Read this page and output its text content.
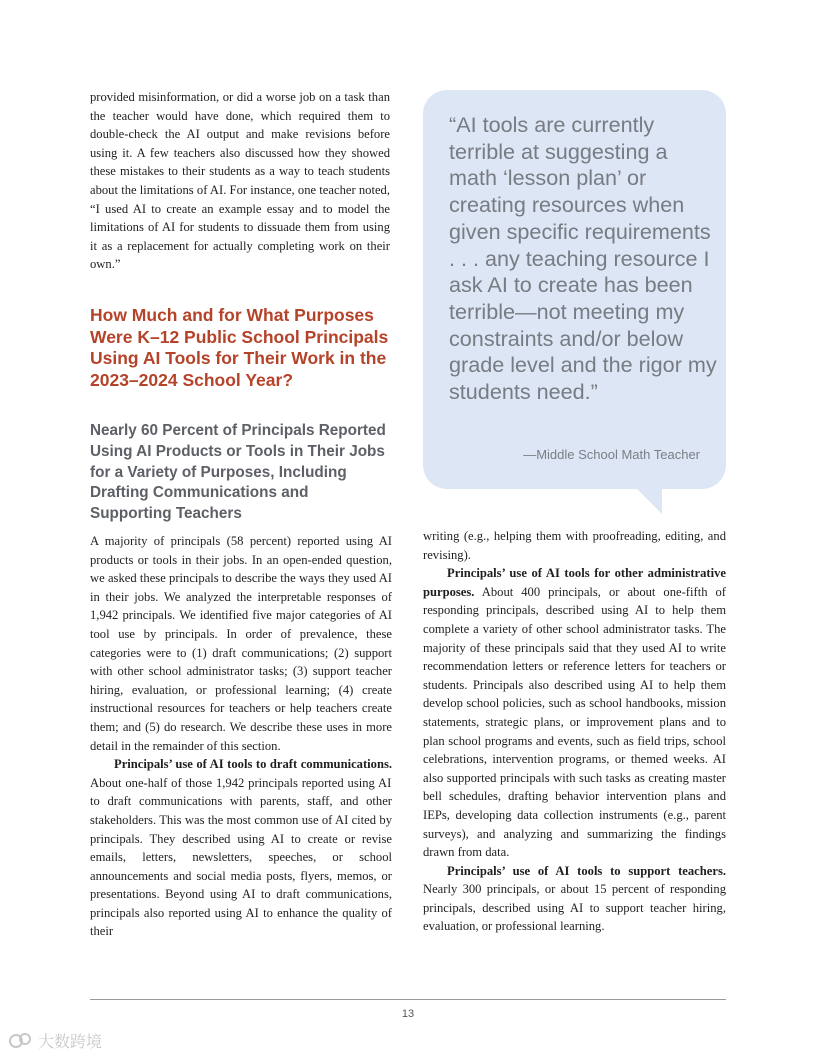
provided misinformation, or did a worse job on a task than the teacher would have done, which required them to double-check the AI output and make revisions before using it. A few teachers also discussed how they showed these mistakes to their students as a way to teach students about the limitations of AI. For instance, one teacher noted, “I used AI to create an example essay and to model the limitations of AI for students to dissuade them from using it as a replacement for actually completing work on their own.”

How Much and for What Purposes Were K–12 Public School Principals Using AI Tools for Their Work in the 2023–2024 School Year?
Nearly 60 Percent of Principals Reported Using AI Products or Tools in Their Jobs for a Variety of Purposes, Including Drafting Communications and Supporting Teachers

A majority of principals (58 percent) reported using AI products or tools in their jobs. In an open-ended question, we asked these principals to describe the ways they used AI in their jobs. We analyzed the interpretable responses of 1,942 principals. We identified five major categories of AI tool use by principals. In order of prevalence, these categories were to (1) draft communications; (2) support with other school administrator tasks; (3) support teacher hiring, evaluation, or professional learning; (4) create instructional resources for teachers or help teachers create them; and (5) do research. We describe these uses in more detail in the remainder of this section.

Principals’ use of AI tools to draft communications. About one-half of those 1,942 principals reported using AI to draft communications with parents, staff, and other stakeholders. This was the most common use of AI cited by principals. They described using AI to create or revise emails, letters, newsletters, speeches, or school announcements and social media posts, flyers, memos, or presentations. Beyond using AI to draft communications, principals also reported using AI to enhance the quality of their

“AI tools are currently terrible at suggesting a math ‘lesson plan’ or creating resources when given specific requirements . . . any teaching resource I ask AI to create has been terrible—not meeting my constraints and/or below grade level and the rigor my students need.”

—Middle School Math Teacher

writing (e.g., helping them with proofreading, editing, and revising).

Principals’ use of AI tools for other administrative purposes. About 400 principals, or about one-fifth of responding principals, described using AI to help them complete a variety of other school administrator tasks. The majority of these principals said that they used AI to write recommendation letters or reference letters for teachers or students. Principals also described using AI to help them develop school policies, such as school handbooks, mission statements, strategic plans, or improvement plans and to plan school programs and events, such as field trips, school celebrations, intervention programs, or themed weeks. AI also supported principals with such tasks as creating master bell schedules, drafting behavior intervention plans and IEPs, developing data collection instruments (e.g., parent surveys), and analyzing and summarizing the findings drawn from data.

Principals’ use of AI tools to support teachers. Nearly 300 principals, or about 15 percent of responding principals, described using AI to support teacher hiring, evaluation, or professional learning.

13
大数跨境
